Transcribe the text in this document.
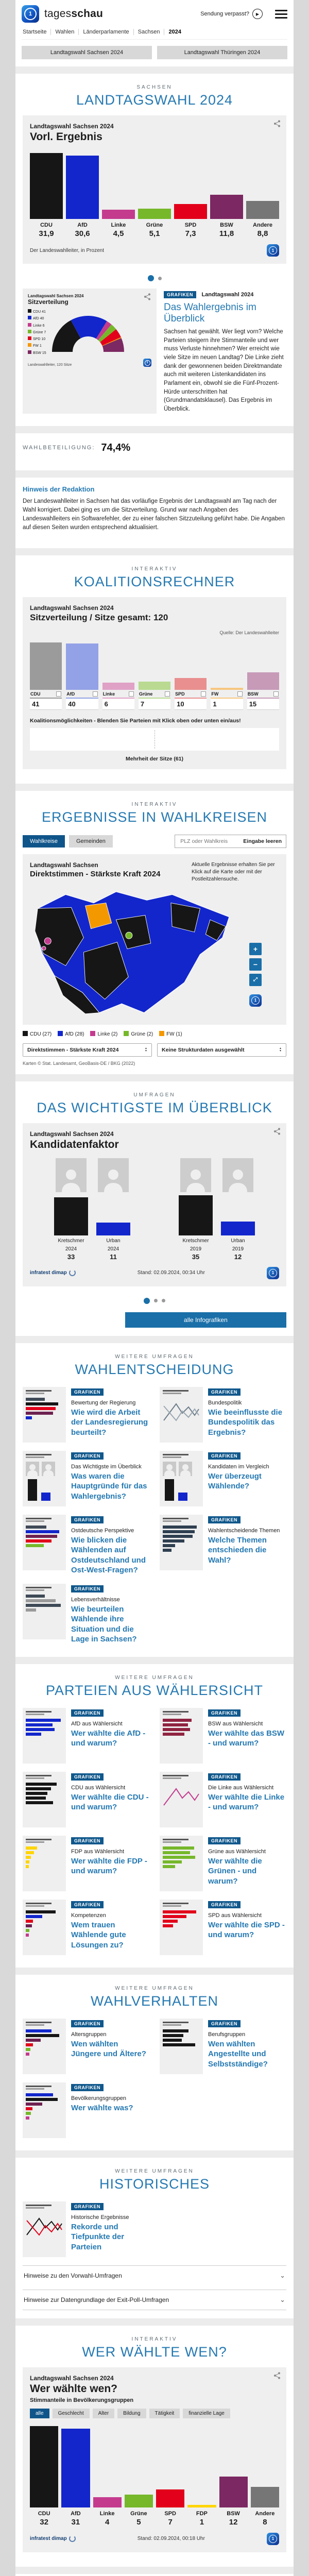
1	tagesschau	Sendung verpasst?	▶
Startseite	Wahlen	Länderparlamente	Sachsen	2024
Landtagswahl Sachsen 2024	Landtagswahl Thüringen 2024
SACHSEN
LANDTAGSWAHL 2024
Landtagswahl Sachsen 2024
Vorl. Ergebnis
CDU
31,9
AfD
30,6
Linke
4,5
Grüne
5,1
SPD
7,3
BSW
11,8
Andere
8,8
Der Landeswahlleiter, in Prozent	1
Landtagswahl Sachsen 2024
Sitzverteilung
CDU 41
AfD 40
Linke 6
Grüne 7
SPD 10
FW 1
BSW 15
Landeswahlleiter, 120 Sitze
1
GRAFIKEN Landtagswahl 2024
Das Wahlergebnis im Überblick
Sachsen hat gewählt. Wer liegt vorn? Welche Parteien steigern ihre Stimmanteile und wer muss Verluste hinnehmen? Wer erreicht wie viele Sitze im neuen Landtag? Die Linke zieht dank der gewonnenen beiden Direktmandate auch mit weiteren Listenkandidaten ins Parlament ein, obwohl sie die Fünf-Prozent-Hürde unterschritten hat (Grundmandatsklausel). Das Ergebnis im Überblick.
WAHLBETEILIGUNG: 74,4%
Hinweis der Redaktion

Der Landeswahlleiter in Sachsen hat das vorläufige Ergebnis der Landtagswahl am Tag nach der Wahl korrigiert. Dabei ging es um die Sitzverteilung. Grund war nach Angaben des Landeswahlleiters ein Softwarefehler, der zu einer falschen Sitzzuteilung geführt habe. Die Angaben auf diesen Seiten wurden entsprechend aktualisiert.

INTERAKTIV
KOALITIONSRECHNER
Landtagswahl Sachsen 2024
Sitzverteilung / Sitze gesamt: 120
Quelle: Der Landeswahlleiter
CDU
41
AfD
40
Linke
6
Grüne
7
SPD
10
FW
1
BSW
15
Koalitionsmöglichkeiten - Blenden Sie Parteien mit Klick oben oder unten ein/aus!
Mehrheit der Sitze (61)
INTERAKTIV
ERGEBNISSE IN WAHLKREISEN
Wahlkreise	Gemeinden
PLZ oder Wahlkreis	Eingabe leeren
Landtagswahl Sachsen
Direktstimmen - Stärkste Kraft 2024
Aktuelle Ergebnisse erhalten Sie per Klick auf die Karte oder mit der Postleitzahlensuche.
+
−
⤢
1
CDU (27)	AfD (28)	Linke (2)	Grüne (2)	FW (1)
Direktstimmen - Stärkste Kraft 2024	▲
▼	Keine Strukturdaten ausgewählt	▲
▼
Karten © Stat. Landesamt, GeoBasis-DE / BKG (2022)
UMFRAGEN
DAS WICHTIGSTE IM ÜBERBLICK
Landtagswahl Sachsen 2024
Kandidatenfaktor
Kretschmer
2024
33
Urban
2024
11
Kretschmer
2019
35
Urban
2019
12
infratest dimap	Stand: 02.09.2024, 00:34 Uhr	1
alle Infografiken
WEITERE UMFRAGEN
WAHLENTSCHEIDUNG
GRAFIKEN
Bewertung der Regierung
Wie wird die Arbeit der Landesregierung beurteilt?
GRAFIKEN
Bundespolitik
Wie beeinflusste die Bundespolitik das Ergebnis?
GRAFIKEN
Das Wichtigste im Überblick
Was waren die Hauptgründe für das Wahlergebnis?
GRAFIKEN
Kandidaten im Vergleich
Wer überzeugt Wählende?
GRAFIKEN
Ostdeutsche Perspektive
Wie blicken die Wählenden auf Ostdeutschland und Ost-West-Fragen?
GRAFIKEN
Wahlentscheidende Themen
Welche Themen entschieden die Wahl?
GRAFIKEN
Lebensverhältnisse
Wie beurteilen Wählende ihre Situation und die Lage in Sachsen?
WEITERE UMFRAGEN
PARTEIEN AUS WÄHLERSICHT
GRAFIKEN
AfD aus Wählersicht
Wer wählte die AfD - und warum?
GRAFIKEN
BSW aus Wählersicht
Wer wählte das BSW - und warum?
GRAFIKEN
CDU aus Wählersicht
Wer wählte die CDU - und warum?
GRAFIKEN
Die Linke aus Wählersicht
Wer wählte die Linke - und warum?
GRAFIKEN
FDP aus Wählersicht
Wer wählte die FDP - und warum?
GRAFIKEN
Grüne aus Wählersicht
Wer wählte die Grünen - und warum?
GRAFIKEN
Kompetenzen
Wem trauen Wählende gute Lösungen zu?
GRAFIKEN
SPD aus Wählersicht
Wer wählte die SPD - und warum?
WEITERE UMFRAGEN
WAHLVERHALTEN
GRAFIKEN
Altersgruppen
Wen wählten Jüngere und Ältere?
GRAFIKEN
Berufsgruppen
Wen wählten Angestellte und Selbstständige?
GRAFIKEN
Bevölkerungsgruppen
Wer wählte was?
WEITERE UMFRAGEN
HISTORISCHES
GRAFIKEN
Historische Ergebnisse
Rekorde und Tiefpunkte der Parteien
Hinweise zu den Vorwahl-Umfragen	⌄
Hinweise zur Datengrundlage der Exit-Poll-Umfragen	⌄
INTERAKTIV
WER WÄHLTE WEN?
Landtagswahl Sachsen 2024
Wer wählte wen?
Stimmanteile in Bevölkerungsgruppen
alle	Geschlecht	Alter	Bildung	Tätigkeit	finanzielle Lage
CDU
32
AfD
31
Linke
4
Grüne
5
SPD
7
FDP
1
BSW
12
Andere
8
infratest dimap	Stand: 02.09.2024, 00:18 Uhr	1
